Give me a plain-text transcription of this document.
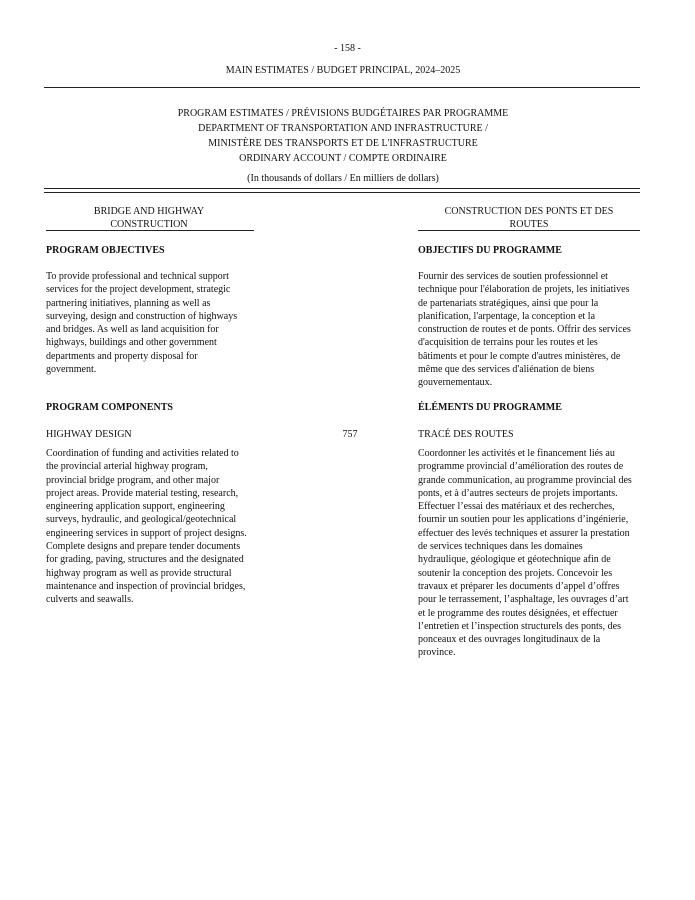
- 158 -
MAIN ESTIMATES / BUDGET PRINCIPAL, 2024–2025
PROGRAM ESTIMATES / PRÉVISIONS BUDGÉTAIRES PAR PROGRAMME
DEPARTMENT OF TRANSPORTATION AND INFRASTRUCTURE /
MINISTÈRE DES TRANSPORTS ET DE L'INFRASTRUCTURE
ORDINARY ACCOUNT / COMPTE ORDINAIRE
(In thousands of dollars / En milliers de dollars)
BRIDGE AND HIGHWAY
CONSTRUCTION
CONSTRUCTION DES PONTS ET DES
ROUTES
PROGRAM OBJECTIVES	OBJECTIFS DU PROGRAMME
To provide professional and technical support
services for the project development, strategic
partnering initiatives, planning as well as
surveying, design and construction of highways
and bridges. As well as land acquisition for
highways, buildings and other government
departments and property disposal for
government.
Fournir des services de soutien professionnel et
technique pour l'élaboration de projets, les initiatives
de partenariats stratégiques, ainsi que pour la
planification, l'arpentage, la conception et la
construction de routes et de ponts. Offrir des services
d'acquisition de terrains pour les routes et les
bâtiments et pour le compte d'autres ministères, de
même que des services d'aliénation de biens
gouvernementaux.
PROGRAM COMPONENTS	ÉLÉMENTS DU PROGRAMME
HIGHWAY DESIGN	757	TRACÉ DES ROUTES
Coordination of funding and activities related to
the provincial arterial highway program,
provincial bridge program, and other major
project areas. Provide material testing, research,
engineering application support, engineering
surveys, hydraulic, and geological/geotechnical
engineering services in support of project designs.
Complete designs and prepare tender documents
for grading, paving, structures and the designated
highway program as well as provide structural
maintenance and inspection of provincial bridges,
culverts and seawalls.
Coordonner les activités et le financement liés au
programme provincial d’amélioration des routes de
grande communication, au programme provincial des
ponts, et à d’autres secteurs de projets importants.
Effectuer l’essai des matériaux et des recherches,
fournir un soutien pour les applications d’ingénierie,
effectuer des levés techniques et assurer la prestation
de services techniques dans les domaines
hydraulique, géologique et géotechnique afin de
soutenir la conception des projets. Concevoir les
travaux et préparer les documents d’appel d’offres
pour le terrassement, l’asphaltage, les ouvrages d’art
et le programme des routes désignées, et effectuer
l’entretien et l’inspection structurels des ponts, des
ponceaux et des ouvrages longitudinaux de la
province.
